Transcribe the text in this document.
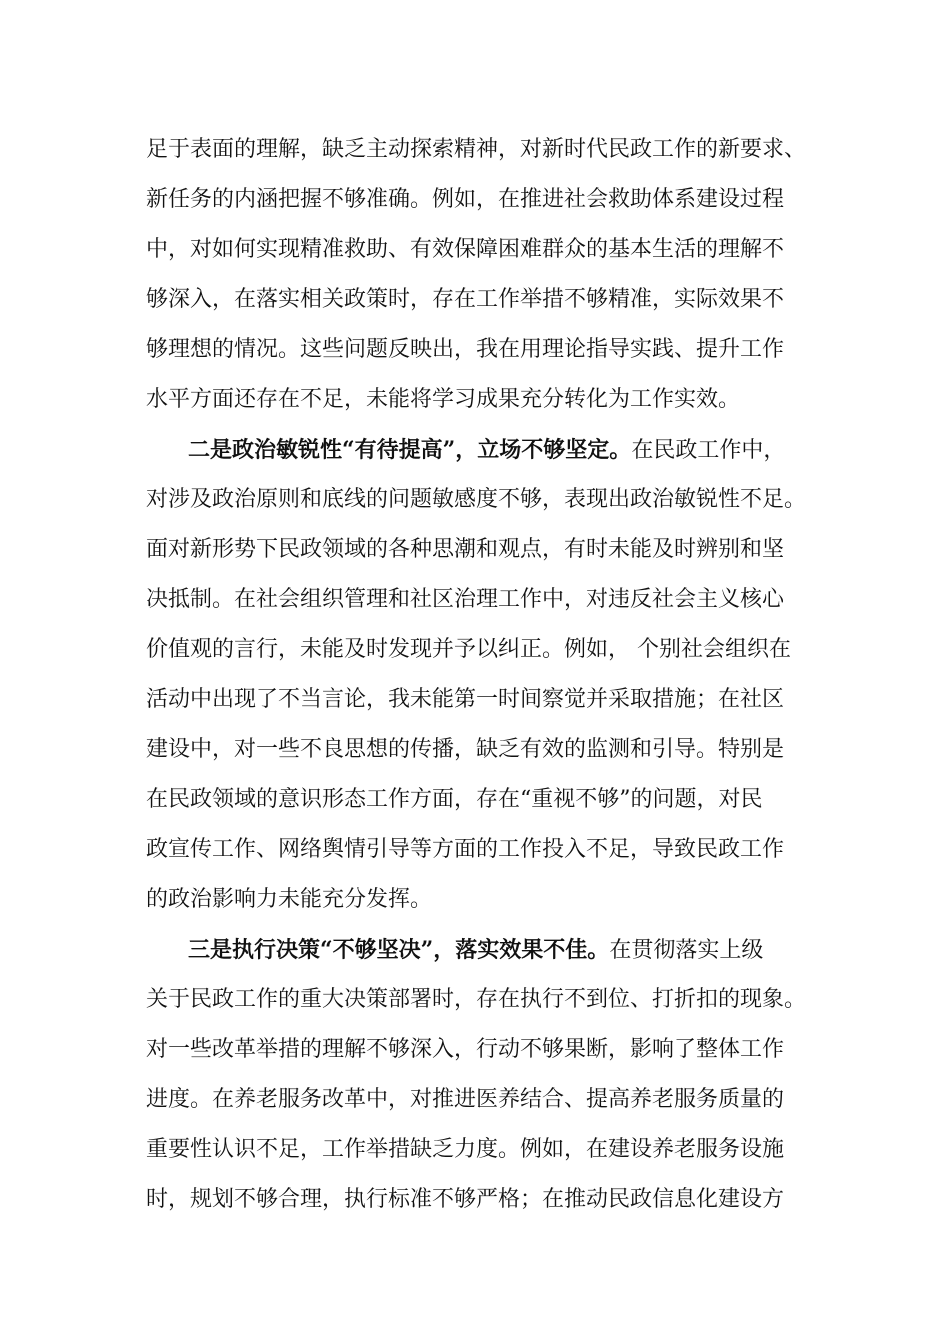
足于表面的理解，缺乏主动探索精神，对新时代民政工作的新要求、
新任务的内涵把握不够准确。例如，在推进社会救助体系建设过程
中，对如何实现精准救助、有效保障困难群众的基本生活的理解不
够深入，在落实相关政策时，存在工作举措不够精准，实际效果不
够理想的情况。这些问题反映出，我在用理论指导实践、提升工作
水平方面还存在不足，未能将学习成果充分转化为工作实效。
二是政治敏锐性“有待提高”，立场不够坚定。在民政工作中，
对涉及政治原则和底线的问题敏感度不够，表现出政治敏锐性不足。
面对新形势下民政领域的各种思潮和观点，有时未能及时辨别和坚
决抵制。在社会组织管理和社区治理工作中，对违反社会主义核心
价值观的言行，未能及时发现并予以纠正。例如， 个别社会组织在
活动中出现了不当言论，我未能第一时间察觉并采取措施；在社区
建设中，对一些不良思想的传播，缺乏有效的监测和引导。特别是
在民政领域的意识形态工作方面，存在“重视不够”的问题，对民
政宣传工作、网络舆情引导等方面的工作投入不足，导致民政工作
的政治影响力未能充分发挥。
三是执行决策“不够坚决”，落实效果不佳。在贯彻落实上级
关于民政工作的重大决策部署时，存在执行不到位、打折扣的现象。
对一些改革举措的理解不够深入，行动不够果断，影响了整体工作
进度。在养老服务改革中，对推进医养结合、提高养老服务质量的
重要性认识不足，工作举措缺乏力度。例如，在建设养老服务设施
时，规划不够合理，执行标准不够严格；在推动民政信息化建设方
